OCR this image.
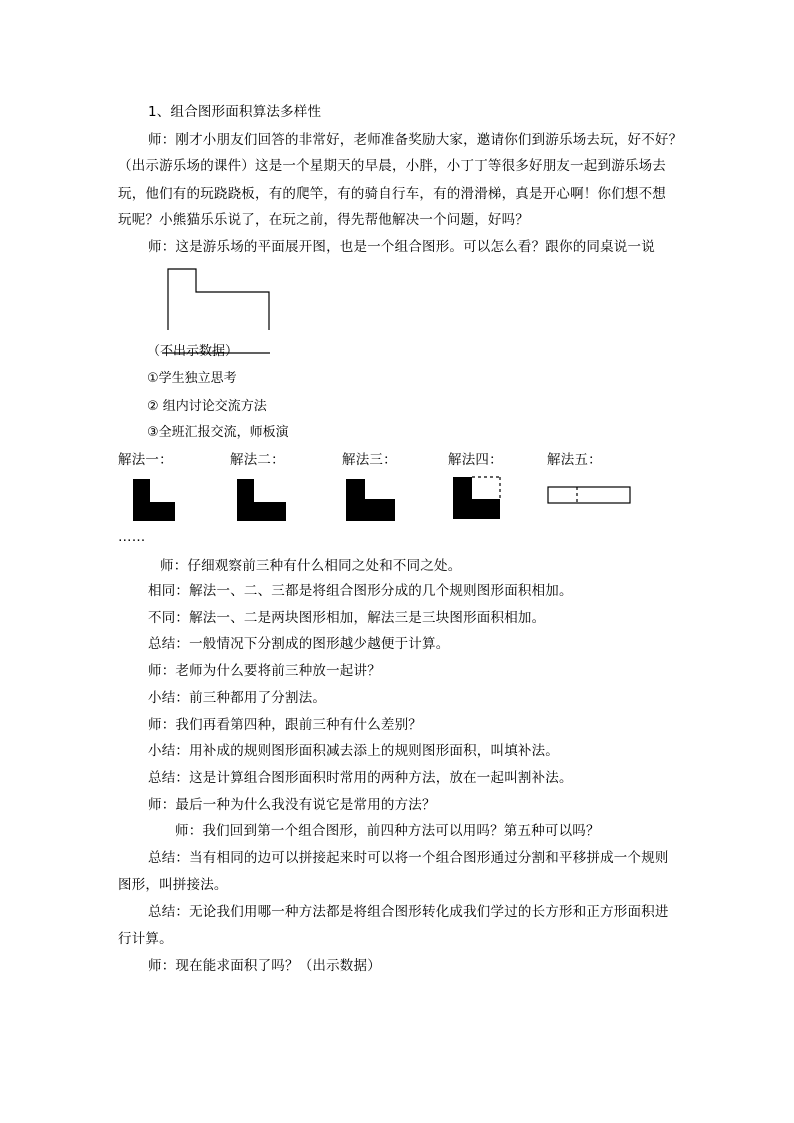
1、组合图形面积算法多样性
师：刚才小朋友们回答的非常好，老师准备奖励大家，邀请你们到游乐场去玩，好不好？
（出示游乐场的课件）这是一个星期天的早晨，小胖，小丁丁等很多好朋友一起到游乐场去
玩，他们有的玩跷跷板，有的爬竿，有的骑自行车，有的滑滑梯，真是开心啊！你们想不想
玩呢？小熊猫乐乐说了，在玩之前，得先帮他解决一个问题，好吗？
师：这是游乐场的平面展开图，也是一个组合图形。可以怎么看？跟你的同桌说一说
（不出示数据）
①学生独立思考
② 组内讨论交流方法
③全班汇报交流，师板演
解法一：	解法二：	解法三：	解法四：	解法五：
……
师：仔细观察前三种有什么相同之处和不同之处。
相同：解法一、二、三都是将组合图形分成的几个规则图形面积相加。
不同：解法一、二是两块图形相加，解法三是三块图形面积相加。
总结：一般情况下分割成的图形越少越便于计算。
师：老师为什么要将前三种放一起讲？
小结：前三种都用了分割法。
师：我们再看第四种，跟前三种有什么差别？
小结：用补成的规则图形面积减去添上的规则图形面积，叫填补法。
总结：这是计算组合图形面积时常用的两种方法，放在一起叫割补法。
师：最后一种为什么我没有说它是常用的方法？
师：我们回到第一个组合图形，前四种方法可以用吗？第五种可以吗？
总结：当有相同的边可以拼接起来时可以将一个组合图形通过分割和平移拼成一个规则
图形，叫拼接法。
总结：无论我们用哪一种方法都是将组合图形转化成我们学过的长方形和正方形面积进
行计算。
师：现在能求面积了吗？（出示数据）
